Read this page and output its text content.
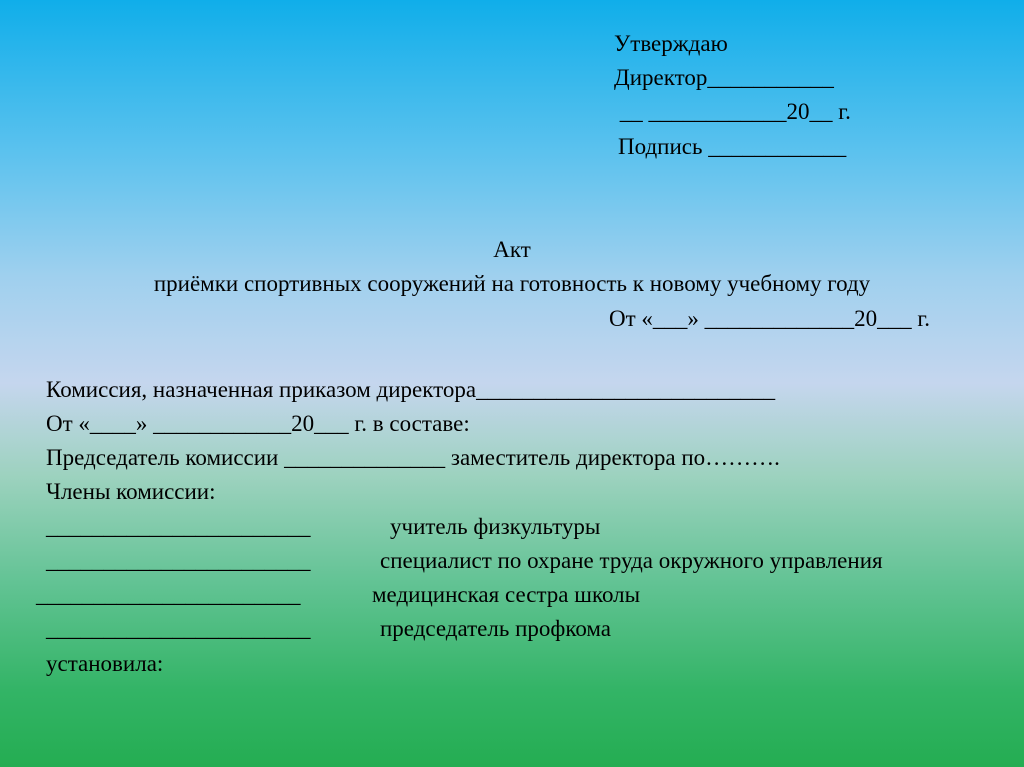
Утверждаю

Директор___________

__ ____________20__ г.

Подпись ____________

Акт
приёмки спортивных сооружений на готовность к новому учебному году

От «___» _____________20___ г.

Комиссия, назначенная приказом директора__________________________

От «____» ____________20___ г. в составе:

Председатель комиссии ______________ заместитель директора по……….

Члены комиссии:

_______________________	учитель физкультуры

_______________________	специалист по охране труда окружного управления

_______________________	медицинская сестра школы

_______________________	председатель профкома

установила:
